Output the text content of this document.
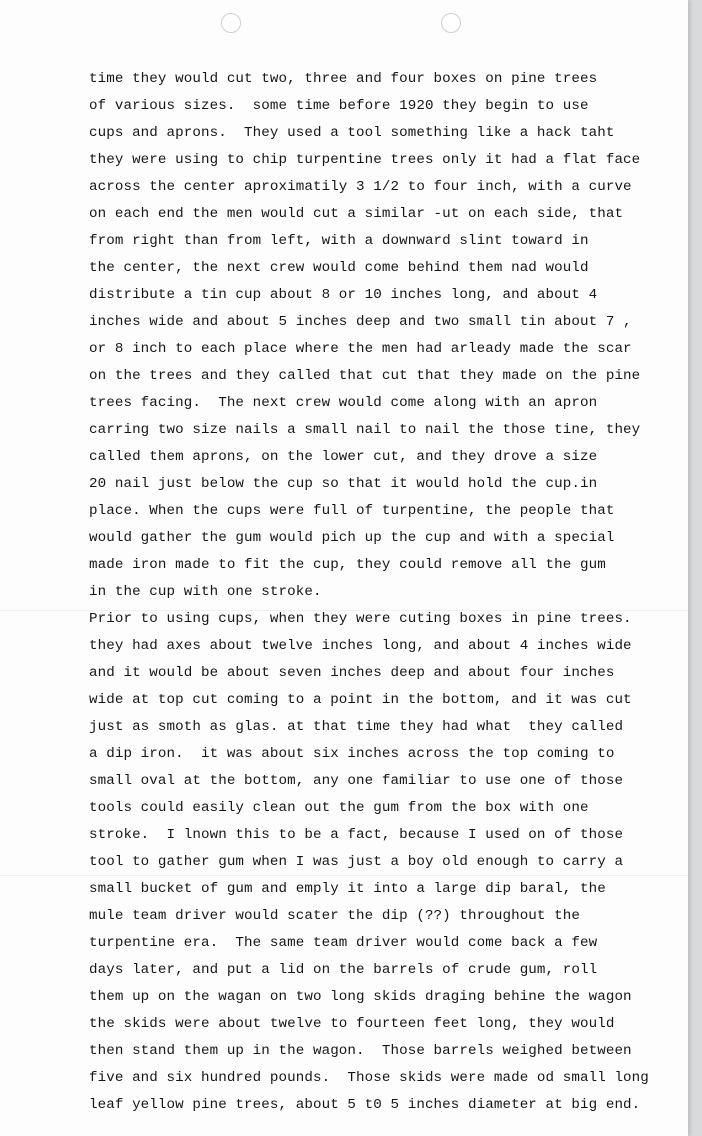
time they would cut two, three and four boxes on pine trees
of various sizes.  some time before 1920 they begin to use
cups and aprons.  They used a tool something like a hack taht
they were using to chip turpentine trees only it had a flat face
across the center aproximatily 3 1/2 to four inch, with a curve
on each end the men would cut a similar -ut on each side, that
from right than from left, with a downward slint toward in
the center, the next crew would come behind them nad would
distribute a tin cup about 8 or 10 inches long, and about 4
inches wide and about 5 inches deep and two small tin about 7 ,
or 8 inch to each place where the men had arleady made the scar
on the trees and they called that cut that they made on the pine
trees facing.  The next crew would come along with an apron
carring two size nails a small nail to nail the those tine, they
called them aprons, on the lower cut, and they drove a size
20 nail just below the cup so that it would hold the cup.in
place. When the cups were full of turpentine, the people that
would gather the gum would pich up the cup and with a special
made iron made to fit the cup, they could remove all the gum
in the cup with one stroke.
Prior to using cups, when they were cuting boxes in pine trees.
they had axes about twelve inches long, and about 4 inches wide
and it would be about seven inches deep and about four inches
wide at top cut coming to a point in the bottom, and it was cut
just as smoth as glas. at that time they had what  they called
a dip iron.  it was about six inches across the top coming to
small oval at the bottom, any one familiar to use one of those
tools could easily clean out the gum from the box with one
stroke.  I lnown this to be a fact, because I used on of those
tool to gather gum when I was just a boy old enough to carry a
small bucket of gum and emply it into a large dip baral, the
mule team driver would scater the dip (??) throughout the
turpentine era.  The same team driver would come back a few
days later, and put a lid on the barrels of crude gum, roll
them up on the wagan on two long skids draging behine the wagon
the skids were about twelve to fourteen feet long, they would
then stand them up in the wagon.  Those barrels weighed between
five and six hundred pounds.  Those skids were made od small long
leaf yellow pine trees, about 5 t0 5 inches diameter at big end.
